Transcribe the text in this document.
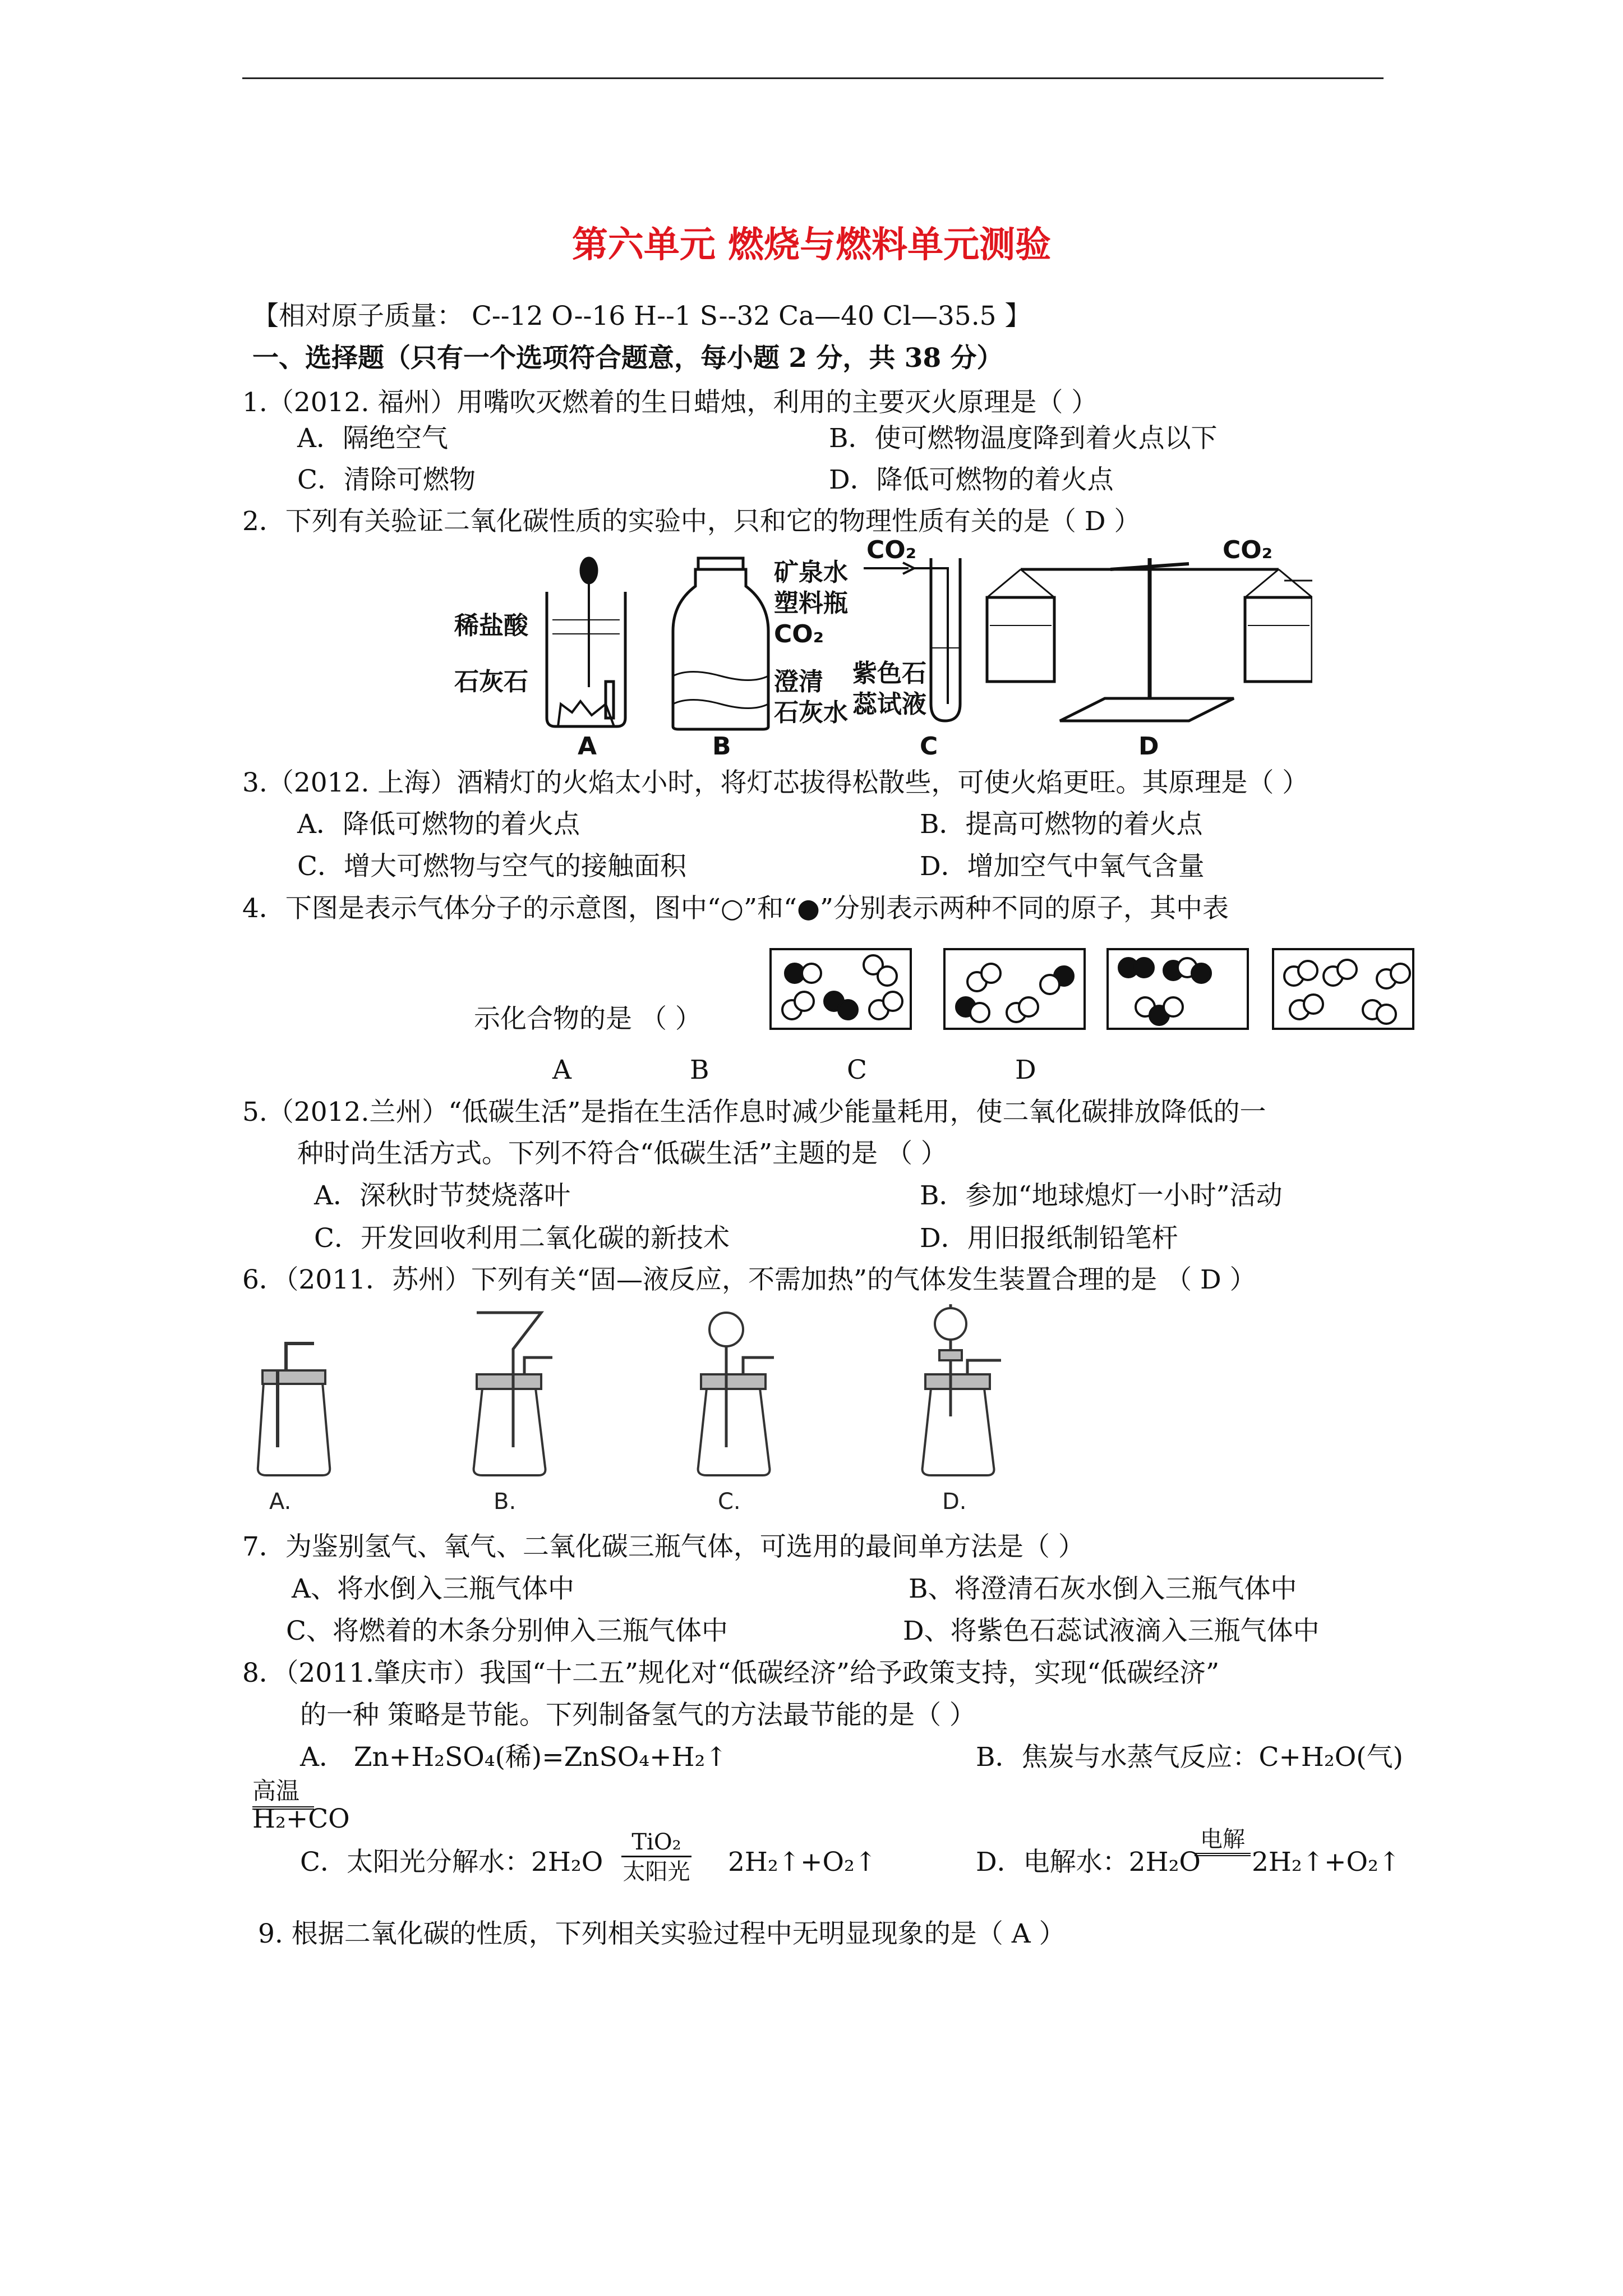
第六单元 燃烧与燃料单元测验
【相对原子质量： C--12 O--16 H--1 S--32 Ca—40 Cl—35.5 】
一、选择题（只有一个选项符合题意，每小题 2 分，共 38 分）
1.（2012. 福州）用嘴吹灭燃着的生日蜡烛，利用的主要灭火原理是（ ）
A．隔绝空气	B．使可燃物温度降到着火点以下
C．清除可燃物	D．降低可燃物的着火点
2．下列有关验证二氧化碳性质的实验中，只和它的物理性质有关的是（ D ）
稀盐酸
石灰石
矿泉水
塑料瓶
CO₂
澄清
石灰水
CO₂
紫色石
蕊试液
CO₂
A	B	C	D
3.（2012. 上海）酒精灯的火焰太小时，将灯芯拔得松散些，可使火焰更旺。其原理是（ ）
A．降低可燃物的着火点	B．提高可燃物的着火点
C．增大可燃物与空气的接触面积	D．增加空气中氧气含量
4．下图是表示气体分子的示意图，图中“○”和“●”分别表示两种不同的原子，其中表
示化合物的是 （ ）
A	B	C	D
5.（2012.兰州）“低碳生活”是指在生活作息时减少能量耗用，使二氧化碳排放降低的一
种时尚生活方式。下列不符合“低碳生活”主题的是 （ ）
A．深秋时节焚烧落叶	B．参加“地球熄灯一小时”活动
C．开发回收利用二氧化碳的新技术	D．用旧报纸制铅笔杆
6．（2011．苏州）下列有关“固—液反应，不需加热”的气体发生装置合理的是 （ D ）
A.	B.	C.	D.
7．为鉴别氢气、氧气、二氧化碳三瓶气体，可选用的最间单方法是（ ）
A、将水倒入三瓶气体中	B、将澄清石灰水倒入三瓶气体中
C、将燃着的木条分别伸入三瓶气体中	D、将紫色石蕊试液滴入三瓶气体中
8．（2011.肇庆市）我国“十二五”规化对“低碳经济”给予政策支持，实现“低碳经济”
的一种 策略是节能。下列制备氢气的方法最节能的是（ ）
A． Zn+H₂SO₄(稀)=ZnSO₄+H₂↑	B．焦炭与水蒸气反应：C+H₂O(气)
高温
H₂+CO
C．太阳光分解水：2H₂O
TiO₂
太阳光 2H₂↑+O₂↑	D．电解水：2H₂O
电解
2H₂↑+O₂↑
9. 根据二氧化碳的性质，下列相关实验过程中无明显现象的是（ A ）
